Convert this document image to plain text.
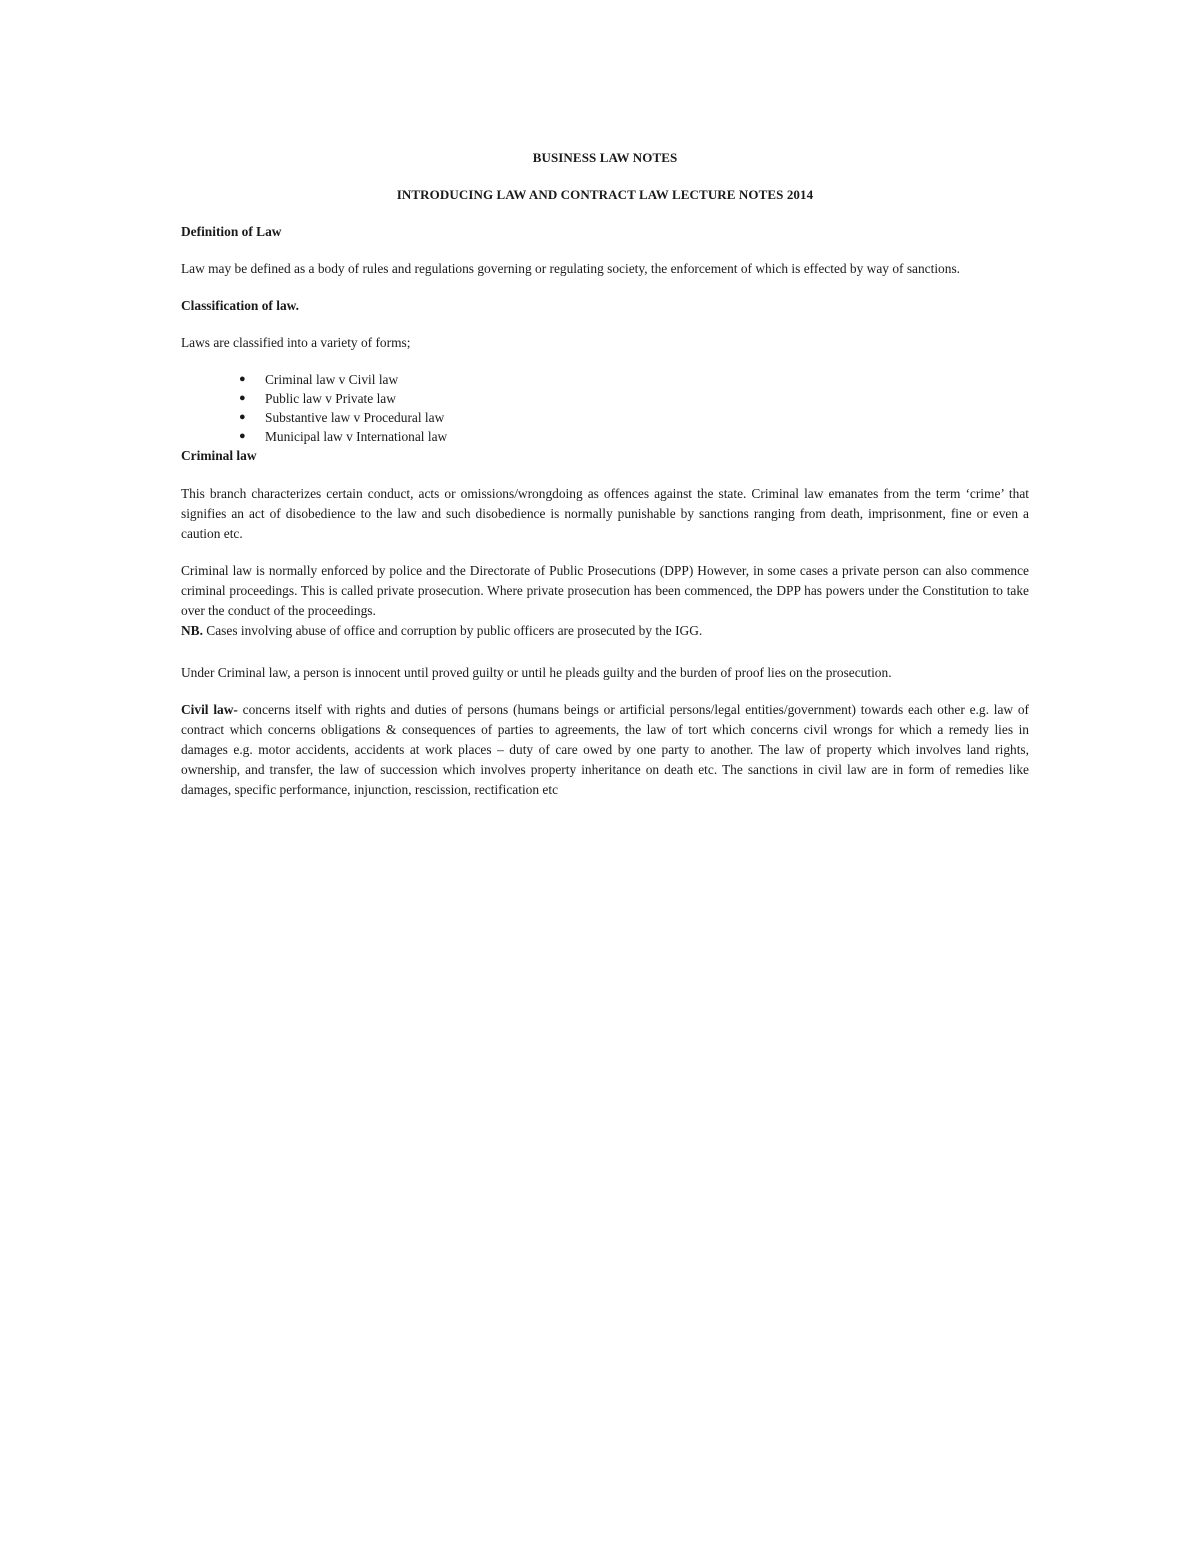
BUSINESS LAW NOTES
INTRODUCING LAW AND CONTRACT LAW LECTURE NOTES 2014
Definition of Law

Law may be defined as a body of rules and regulations governing or regulating society, the enforcement of which is effected by way of sanctions.

Classification of law.

Laws are classified into a variety of forms;

● Criminal law v Civil law
● Public law v Private law
● Substantive law v Procedural law
● Municipal law v International law
Criminal law

This branch characterizes certain conduct, acts or omissions/wrongdoing as offences against the state. Criminal law emanates from the term ‘crime’ that signifies an act of disobedience to the law and such disobedience is normally punishable by sanctions ranging from death, imprisonment, fine or even a caution etc.

Criminal law is normally enforced by police and the Directorate of Public Prosecutions (DPP) However, in some cases a private person can also commence criminal proceedings. This is called private prosecution. Where private prosecution has been commenced, the DPP has powers under the Constitution to take over the conduct of the proceedings.

NB. Cases involving abuse of office and corruption by public officers are prosecuted by the IGG.

Under Criminal law, a person is innocent until proved guilty or until he pleads guilty and the burden of proof lies on the prosecution.

Civil law- concerns itself with rights and duties of persons (humans beings or artificial persons/legal entities/government) towards each other e.g. law of contract which concerns obligations & consequences of parties to agreements, the law of tort which concerns civil wrongs for which a remedy lies in damages e.g. motor accidents, accidents at work places – duty of care owed by one party to another. The law of property which involves land rights, ownership, and transfer, the law of succession which involves property inheritance on death etc. The sanctions in civil law are in form of remedies like damages, specific performance, injunction, rescission, rectification etc
